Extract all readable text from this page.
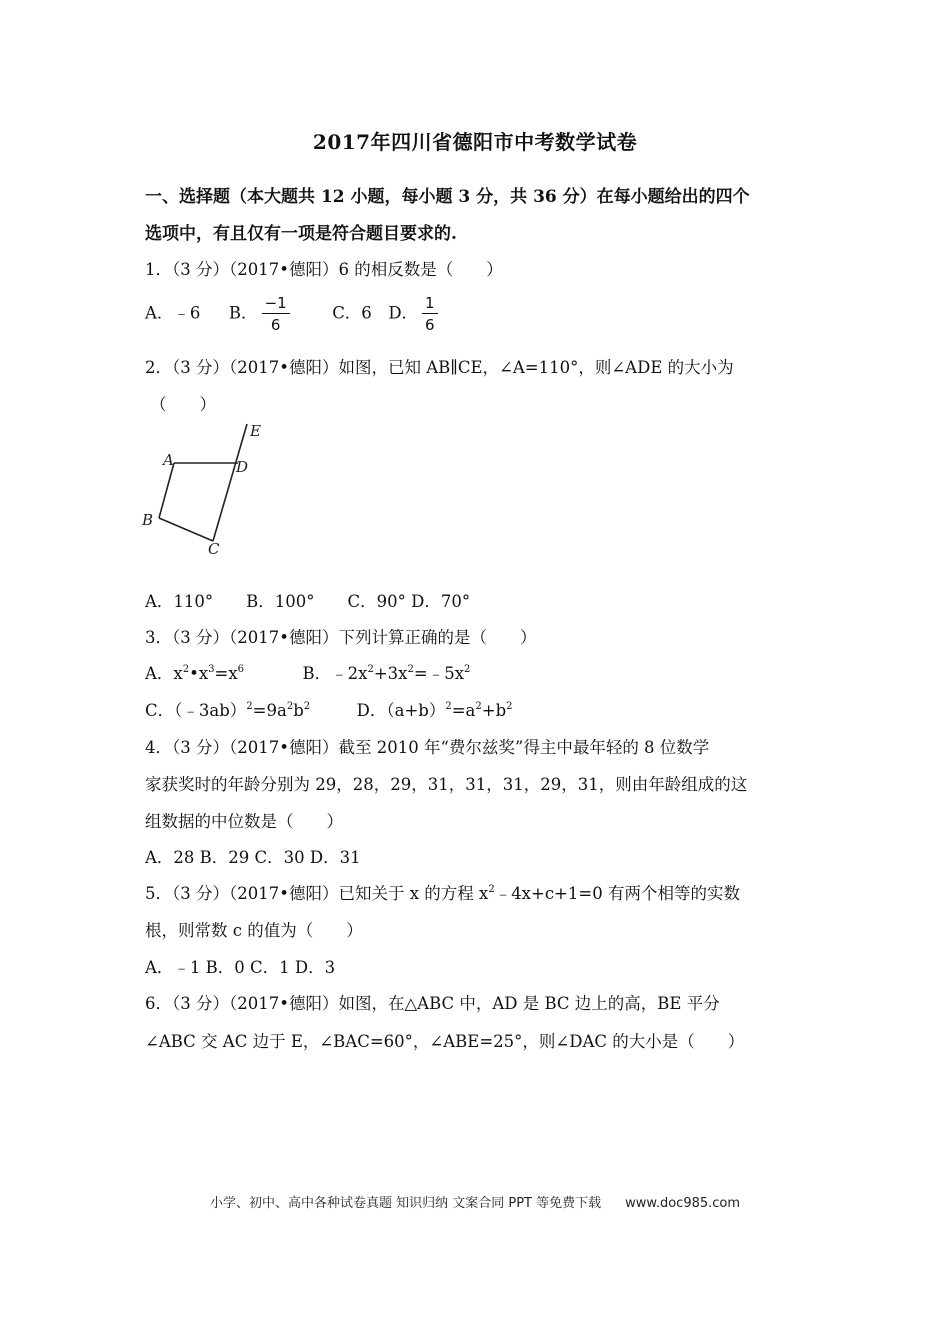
2017年四川省德阳市中考数学试卷
一、选择题（本大题共 12 小题，每小题 3 分，共 36 分）在每小题给出的四个
选项中，有且仅有一项是符合题目要求的.
1．（3 分）（2017•德阳）6 的相反数是（　　）
A．﹣6 B． $\frac{-1}{6}$	C．6 D． $\frac{1}{6}$
2．（3 分）（2017•德阳）如图，已知 AB∥CE，∠A=110°，则∠ADE 的大小为
（　　）
E
A	D
B
C
A．110°　　B．100°　　C．90° D．70°
3．（3 分）（2017•德阳）下列计算正确的是（　　）
A．$x^2•x^3=x^6$	B．$﹣2x^2+3x^2=﹣5x^2$
C．$(﹣3ab)^2=9a^2b^2$	D．$(a+b)^2=a^2+b^2$
4．（3 分）（2017•德阳）截至 2010 年“费尔兹奖”得主中最年轻的 8 位数学
家获奖时的年龄分别为 29，28，29，31，31，31，29，31，则由年龄组成的这
组数据的中位数是（　　）
A．28 B．29 C．30 D．31
5．（3 分）（2017•德阳）已知关于 x 的方程 $x^2﹣4x+c+1=0$ 有两个相等的实数
根，则常数 c 的值为（　　）
A．﹣1 B．0 C．1 D．3
6．（3 分）（2017•德阳）如图，在△ABC 中，AD 是 BC 边上的高，BE 平分
∠ABC 交 AC 边于 E，∠BAC=60°，∠ABE=25°，则∠DAC 的大小是（　　）
小学、初中、高中各种试卷真题 知识归纳 文案合同 PPT 等免费下载 www.doc985.com
